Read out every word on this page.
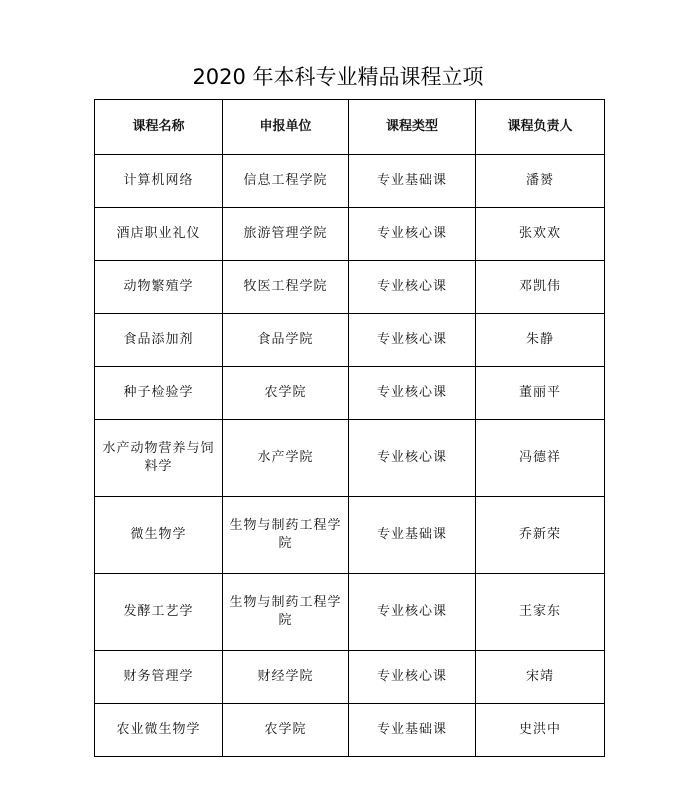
2020 年本科专业精品课程立项
课程名称	申报单位	课程类型	课程负责人
计算机网络	信息工程学院	专业基础课	潘赟
酒店职业礼仪	旅游管理学院	专业核心课	张欢欢
动物繁殖学	牧医工程学院	专业核心课	邓凯伟
食品添加剂	食品学院	专业核心课	朱静
种子检验学	农学院	专业核心课	董丽平
水产动物营养与饲料学	水产学院	专业核心课	冯德祥
微生物学	生物与制药工程学院	专业基础课	乔新荣
发酵工艺学	生物与制药工程学院	专业核心课	王家东
财务管理学	财经学院	专业核心课	宋靖
农业微生物学	农学院	专业基础课	史洪中
